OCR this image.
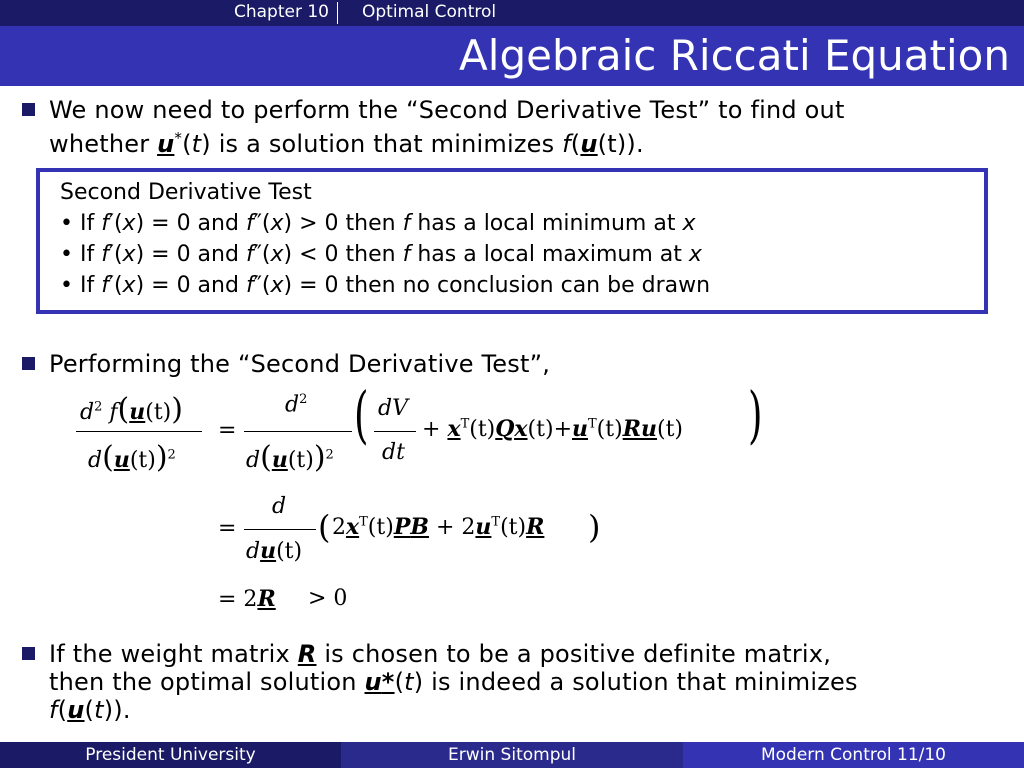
Chapter 10	Optimal Control
Algebraic Riccati Equation
We now need to perform the “Second Derivative Test” to find out
whether u*(t) is a solution that minimizes f(u(t)).
Second Derivative Test
• If f′(x) = 0 and f″(x) > 0 then f has a local minimum at x
• If f′(x) = 0 and f″(x) < 0 then f has a local maximum at x
• If f′(x) = 0 and f″(x) = 0 then no conclusion can be drawn
Performing the “Second Derivative Test”,
$d^2$ f(u(t))
$d(u(t))^2$
=
$d^2$
$d(u(t))^2$
( dV
dt
+ $x^T(t)Qx(t)+u^T(t)Ru(t)$ )
=
d
du(t)
( $2x^T(t)PB + 2u^T(t)R$ )
= 2R > 0
If the weight matrix R is chosen to be a positive definite matrix,
then the optimal solution u*(t) is indeed a solution that minimizes
f(u(t)).
President University	Erwin Sitompul	Modern Control 11/10
